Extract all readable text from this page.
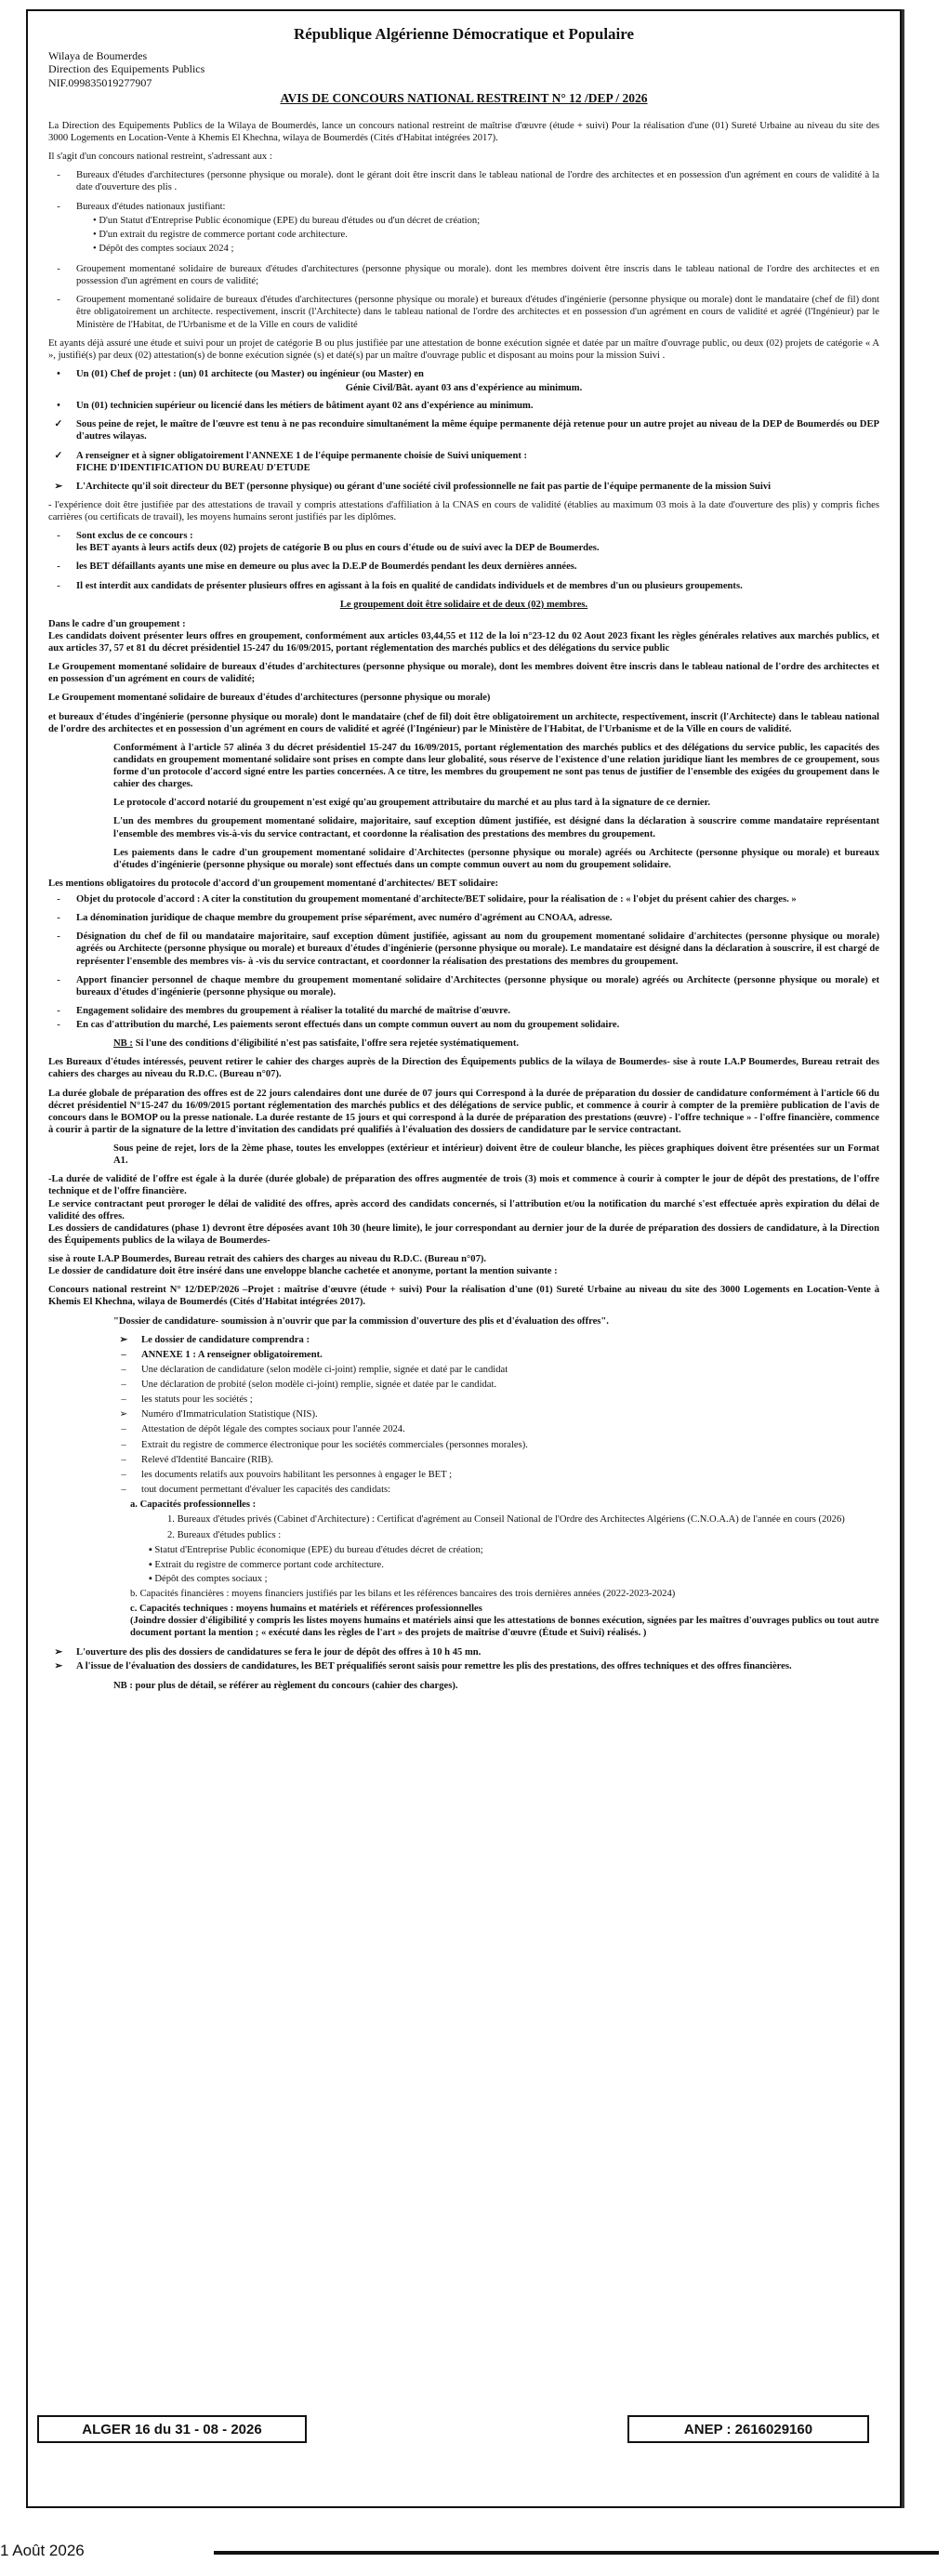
République Algérienne Démocratique et Populaire
Wilaya de Boumerdes
Direction des Equipements Publics
NIF.099835019277907
AVIS DE CONCOURS NATIONAL RESTREINT N° 12 /DEP / 2026

La Direction des Equipements Publics de la Wilaya de Boumerdés, lance un concours national restreint de maîtrise d'œuvre (étude + suivi) Pour la réalisation d'une (01) Sureté Urbaine au niveau du site des 3000 Logements en Location-Vente à Khemis El Khechna, wilaya de Boumerdés (Cités d'Habitat intégrées 2017).

Il s'agit d'un concours national restreint, s'adressant aux :

-	Bureaux d'études d'architectures (personne physique ou morale). dont le gérant doit être inscrit dans le tableau national de l'ordre des architectes et en possession d'un agrément en cours de validité à la date d'ouverture des plis .
-	Bureaux d'études nationaux justifiant:
• D'un Statut d'Entreprise Public économique (EPE) du bureau d'études ou d'un décret de création;
• D'un extrait du registre de commerce portant code architecture.
• Dépôt des comptes sociaux 2024 ;
-	Groupement momentané solidaire de bureaux d'études d'architectures (personne physique ou morale). dont les membres doivent être inscris dans le tableau national de l'ordre des architectes et en possession d'un agrément en cours de validité;
-	Groupement momentané solidaire de bureaux d'études d'architectures (personne physique ou morale) et bureaux d'études d'ingénierie (personne physique ou morale) dont le mandataire (chef de fil) dont être obligatoirement un architecte. respectivement, inscrit (l'Architecte) dans le tableau national de l'ordre des architectes et en possession d'un agrément en cours de validité et agréé (l'Ingénieur) par le Ministère de l'Habitat, de l'Urbanisme et de la Ville en cours de validité

Et ayants déjà assuré une étude et suivi pour un projet de catégorie B ou plus justifiée par une attestation de bonne exécution signée et datée par un maître d'ouvrage public, ou deux (02) projets de catégorie « A », justifié(s) par deux (02) attestation(s) de bonne exécution signée (s) et daté(s) par un maître d'ouvrage public et disposant au moins pour la mission Suivi .

•	Un (01) Chef de projet : (un) 01 architecte (ou Master) ou ingénieur (ou Master) en
Génie Civil/Bât. ayant 03 ans d'expérience au minimum.
•	Un (01) technicien supérieur ou licencié dans les métiers de bâtiment ayant 02 ans d'expérience au minimum.
✓	Sous peine de rejet, le maître de l'œuvre est tenu à ne pas reconduire simultanément la même équipe permanente déjà retenue pour un autre projet au niveau de la DEP de Boumerdés ou DEP d'autres wilayas.
✓	A renseigner et à signer obligatoirement l'ANNEXE 1 de l'équipe permanente choisie de Suivi uniquement :
FICHE D'IDENTIFICATION DU BUREAU D'ETUDE
➢	L'Architecte qu'il soit directeur du BET (personne physique) ou gérant d'une société civil professionnelle ne fait pas partie de l'équipe permanente de la mission Suivi

- l'expérience doit être justifiée par des attestations de travail y compris attestations d'affiliation à la CNAS en cours de validité (établies au maximum 03 mois à la date d'ouverture des plis) y compris fiches carrières (ou certificats de travail), les moyens humains seront justifiés par les diplômes.

-	Sont exclus de ce concours :
les BET ayants à leurs actifs deux (02) projets de catégorie B ou plus en cours d'étude ou de suivi avec la DEP de Boumerdes.
-	les BET défaillants ayants une mise en demeure ou plus avec la D.E.P de Boumerdés pendant les deux dernières années.
-	Il est interdit aux candidats de présenter plusieurs offres en agissant à la fois en qualité de candidats individuels et de membres d'un ou plusieurs groupements.
Le groupement doit être solidaire et de deux (02) membres.
Dans le cadre d'un groupement :

Les candidats doivent présenter leurs offres en groupement, conformément aux articles 03,44,55 et 112 de la loi n°23-12 du 02 Aout 2023 fixant les règles générales relatives aux marchés publics, et aux articles 37, 57 et 81 du décret présidentiel 15-247 du 16/09/2015, portant réglementation des marchés publics et des délégations du service public

Le Groupement momentané solidaire de bureaux d'études d'architectures (personne physique ou morale), dont les membres doivent être inscris dans le tableau national de l'ordre des architectes et en possession d'un agrément en cours de validité;

Le Groupement momentané solidaire de bureaux d'études d'architectures (personne physique ou morale)

et bureaux d'études d'ingénierie (personne physique ou morale) dont le mandataire (chef de fil) doit être obligatoirement un architecte, respectivement, inscrit (l'Architecte) dans le tableau national de l'ordre des architectes et en possession d'un agrément en cours de validité et agréé (l'Ingénieur) par le Ministère de l'Habitat, de l'Urbanisme et de la Ville en cours de validité.

Conformément à l'article 57 alinéa 3 du décret présidentiel 15-247 du 16/09/2015, portant réglementation des marchés publics et des délégations du service public, les capacités des candidats en groupement momentané solidaire sont prises en compte dans leur globalité, sous réserve de l'existence d'une relation juridique liant les membres de ce groupement, sous forme d'un protocole d'accord signé entre les parties concernées. A ce titre, les membres du groupement ne sont pas tenus de justifier de l'ensemble des exigées du groupement dans le cahier des charges.

Le protocole d'accord notarié du groupement n'est exigé qu'au groupement attributaire du marché et au plus tard à la signature de ce dernier.

L'un des membres du groupement momentané solidaire, majoritaire, sauf exception dûment justifiée, est désigné dans la déclaration à souscrire comme mandataire représentant l'ensemble des membres vis-à-vis du service contractant, et coordonne la réalisation des prestations des membres du groupement.

Les paiements dans le cadre d'un groupement momentané solidaire d'Architectes (personne physique ou morale) agréés ou Architecte (personne physique ou morale) et bureaux d'études d'ingénierie (personne physique ou morale) sont effectués dans un compte commun ouvert au nom du groupement solidaire.

Les mentions obligatoires du protocole d'accord d'un groupement momentané d'architectes/ BET solidaire:
-	Objet du protocole d'accord : A citer la constitution du groupement momentané d'architecte/BET solidaire, pour la réalisation de : « l'objet du présent cahier des charges. »
-	La dénomination juridique de chaque membre du groupement prise séparément, avec numéro d'agrément au CNOAA, adresse.
-	Désignation du chef de fil ou mandataire majoritaire, sauf exception dûment justifiée, agissant au nom du groupement momentané solidaire d'architectes (personne physique ou morale) agréés ou Architecte (personne physique ou morale) et bureaux d'études d'ingénierie (personne physique ou morale). Le mandataire est désigné dans la déclaration à souscrire, il est chargé de représenter l'ensemble des membres vis- à -vis du service contractant, et coordonner la réalisation des prestations des membres du groupement.
-	Apport financier personnel de chaque membre du groupement momentané solidaire d'Architectes (personne physique ou morale) agréés ou Architecte (personne physique ou morale) et bureaux d'études d'ingénierie (personne physique ou morale).
-	Engagement solidaire des membres du groupement à réaliser la totalité du marché de maîtrise d'œuvre.
-	En cas d'attribution du marché, Les paiements seront effectués dans un compte commun ouvert au nom du groupement solidaire.

NB : Si l'une des conditions d'éligibilité n'est pas satisfaite, l'offre sera rejetée systématiquement.

Les Bureaux d'études intéressés, peuvent retirer le cahier des charges auprès de la Direction des Équipements publics de la wilaya de Boumerdes- sise à route I.A.P Boumerdes, Bureau retrait des cahiers des charges au niveau du R.D.C. (Bureau n°07).

La durée globale de préparation des offres est de 22 jours calendaires dont une durée de 07 jours qui Correspond à la durée de préparation du dossier de candidature conformément à l'article 66 du décret présidentiel N°15-247 du 16/09/2015 portant réglementation des marchés publics et des délégations de service public, et commence à courir à compter de la première publication de l'avis de concours dans le BOMOP ou la presse nationale. La durée restante de 15 jours et qui correspond à la durée de préparation des prestations (œuvre) - l'offre technique » - l'offre financière, commence à courir à partir de la signature de la lettre d'invitation des candidats pré qualifiés à l'évaluation des dossiers de candidature par le service contractant.

Sous peine de rejet, lors de la 2ème phase, toutes les enveloppes (extérieur et intérieur) doivent être de couleur blanche, les pièces graphiques doivent être présentées sur un Format A1.

-La durée de validité de l'offre est égale à la durée (durée globale) de préparation des offres augmentée de trois (3) mois et commence à courir à compter le jour de dépôt des prestations, de l'offre technique et de l'offre financière.
Le service contractant peut proroger le délai de validité des offres, après accord des candidats concernés, si l'attribution et/ou la notification du marché s'est effectuée après expiration du délai de validité des offres.
Les dossiers de candidatures (phase 1) devront être déposées avant 10h 30 (heure limite), le jour correspondant au dernier jour de la durée de préparation des dossiers de candidature, à la Direction des Équipements publics de la wilaya de Boumerdes-

sise à route I.A.P Boumerdes, Bureau retrait des cahiers des charges au niveau du R.D.C. (Bureau n°07).
Le dossier de candidature doit être inséré dans une enveloppe blanche cachetée et anonyme, portant la mention suivante :

Concours national restreint N° 12/DEP/2026 –Projet : maîtrise d'œuvre (étude + suivi) Pour la réalisation d'une (01) Sureté Urbaine au niveau du site des 3000 Logements en Location-Vente à Khemis El Khechna, wilaya de Boumerdés (Cités d'Habitat intégrées 2017).

"Dossier de candidature- soumission à n'ouvrir que par la commission d'ouverture des plis et d'évaluation des offres".

➢	Le dossier de candidature comprendra :
–	ANNEXE 1 : A renseigner obligatoirement.
–	Une déclaration de candidature (selon modèle ci-joint) remplie, signée et daté par le candidat
–	Une déclaration de probité (selon modèle ci-joint) remplie, signée et datée par le candidat.
–	les statuts pour les sociétés ;
➢	Numéro d'Immatriculation Statistique (NIS).
–	Attestation de dépôt légale des comptes sociaux pour l'année 2024.
–	Extrait du registre de commerce électronique pour les sociétés commerciales (personnes morales).
–	Relevé d'Identité Bancaire (RIB).
–	les documents relatifs aux pouvoirs habilitant les personnes à engager le BET ;
–	tout document permettant d'évaluer les capacités des candidats:
a. Capacités professionnelles :
1. Bureaux d'études privés (Cabinet d'Architecture) : Certificat d'agrément au Conseil National de l'Ordre des Architectes Algériens (C.N.O.A.A) de l'année en cours (2026)
2. Bureaux d'études publics :
▪ Statut d'Entreprise Public économique (EPE) du bureau d'études décret de création;
▪ Extrait du registre de commerce portant code architecture.
▪ Dépôt des comptes sociaux ;
b. Capacités financières : moyens financiers justifiés par les bilans et les références bancaires des trois dernières années (2022-2023-2024)
c. Capacités techniques : moyens humains et matériels et références professionnelles
(Joindre dossier d'éligibilité y compris les listes moyens humains et matériels ainsi que les attestations de bonnes exécution, signées par les maîtres d'ouvrages publics ou tout autre document portant la mention ; « exécuté dans les règles de l'art » des projets de maîtrise d'œuvre (Étude et Suivi) réalisés. )
➢	L'ouverture des plis des dossiers de candidatures se fera le jour de dépôt des offres à 10 h 45 mn.
➢	A l'issue de l'évaluation des dossiers de candidatures, les BET préqualifiés seront saisis pour remettre les plis des prestations, des offres techniques et des offres financières.

NB : pour plus de détail, se référer au règlement du concours (cahier des charges).

ALGER 16 du 31 - 08 - 2026	ANEP : 2616029160
1 Août 2026
